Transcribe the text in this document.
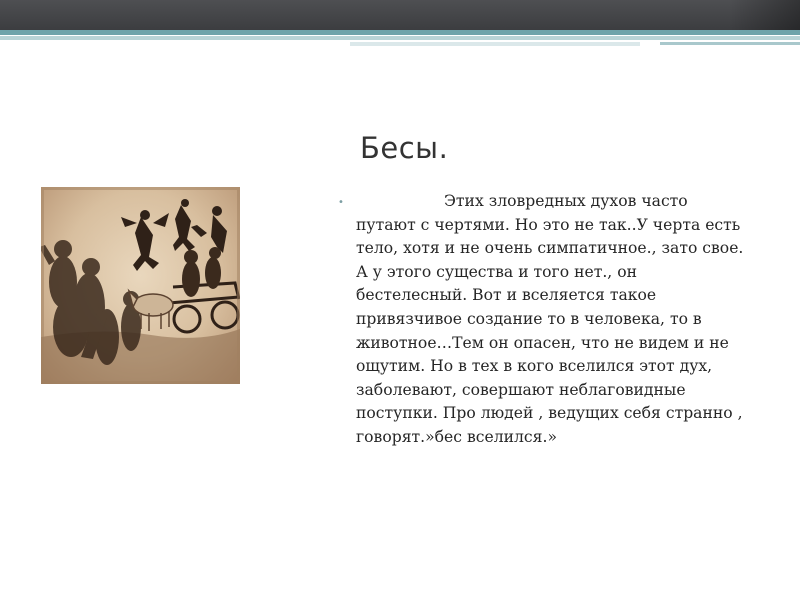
Бесы.
•	Этих зловредных духов часто путают с чертями. Но это не так..У черта есть тело, хотя и не очень симпатичное., зато свое. А у этого существа и того нет., он бестелесный. Вот и вселяется такое привязчивое создание то в человека, то в животное…Тем он опасен, что не видем и не ощутим. Но в тех в кого вселился этот дух, заболевают, совершают неблаговидные поступки. Про людей , ведущих себя странно , говорят.»бес вселился.»
